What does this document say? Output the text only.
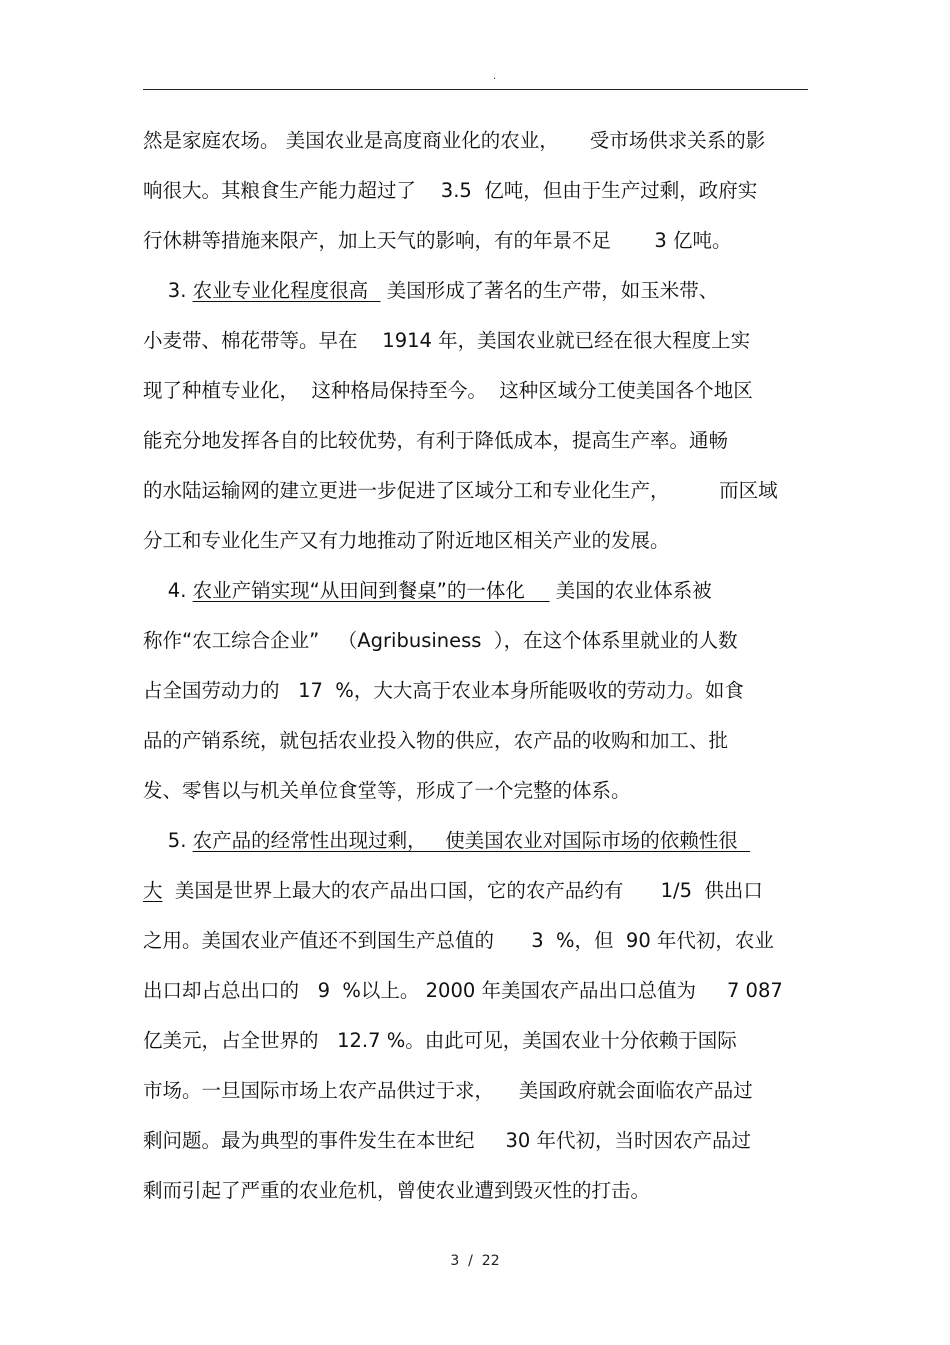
.
然是家庭农场。 美国农业是高度商业化的农业，     受市场供求关系的影
响很大。其粮食生产能力超过了    3.5  亿吨，但由于生产过剩，政府实
行休耕等措施来限产，加上天气的影响，有的年景不足       3 亿吨。
3. 农业专业化程度很高   美国形成了著名的生产带，如玉米带、
小麦带、棉花带等。早在    1914 年，美国农业就已经在很大程度上实
现了种植专业化，  这种格局保持至今。  这种区域分工使美国各个地区
能充分地发挥各自的比较优势，有利于降低成本，提高生产率。通畅
的水陆运输网的建立更进一步促进了区域分工和专业化生产，        而区域
分工和专业化生产又有力地推动了附近地区相关产业的发展。
4. 农业产销实现“从田间到餐桌”的一体化     美国的农业体系被
称作“农工综合企业”   （Agribusiness  ），在这个体系里就业的人数
占全国劳动力的   17  %，大大高于农业本身所能吸收的劳动力。如食
品的产销系统，就包括农业投入物的供应，农产品的收购和加工、批
发、零售以与机关单位食堂等，形成了一个完整的体系。
5. 农产品的经常性出现过剩，   使美国农业对国际市场的依赖性很
大  美国是世界上最大的农产品出口国，它的农产品约有      1/5  供出口
之用。美国农业产值还不到国生产总值的      3  %，但  90 年代初，农业
出口却占总出口的   9  %以上。 2000 年美国农产品出口总值为     7 087
亿美元，占全世界的   12.7 %。由此可见，美国农业十分依赖于国际
市场。一旦国际市场上农产品供过于求，    美国政府就会面临农产品过
剩问题。最为典型的事件发生在本世纪     30 年代初，当时因农产品过
剩而引起了严重的农业危机，曾使农业遭到毁灭性的打击。
3  /  22
